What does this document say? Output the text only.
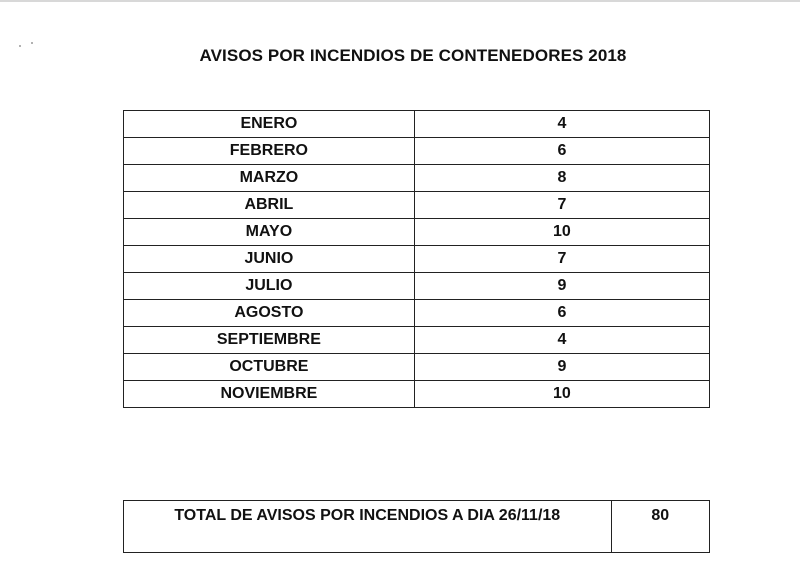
AVISOS POR INCENDIOS DE CONTENEDORES 2018
ENERO	4
FEBRERO	6
MARZO	8
ABRIL	7
MAYO	10
JUNIO	7
JULIO	9
AGOSTO	6
SEPTIEMBRE	4
OCTUBRE	9
NOVIEMBRE	10
TOTAL DE AVISOS POR INCENDIOS A DIA 26/11/18	80
